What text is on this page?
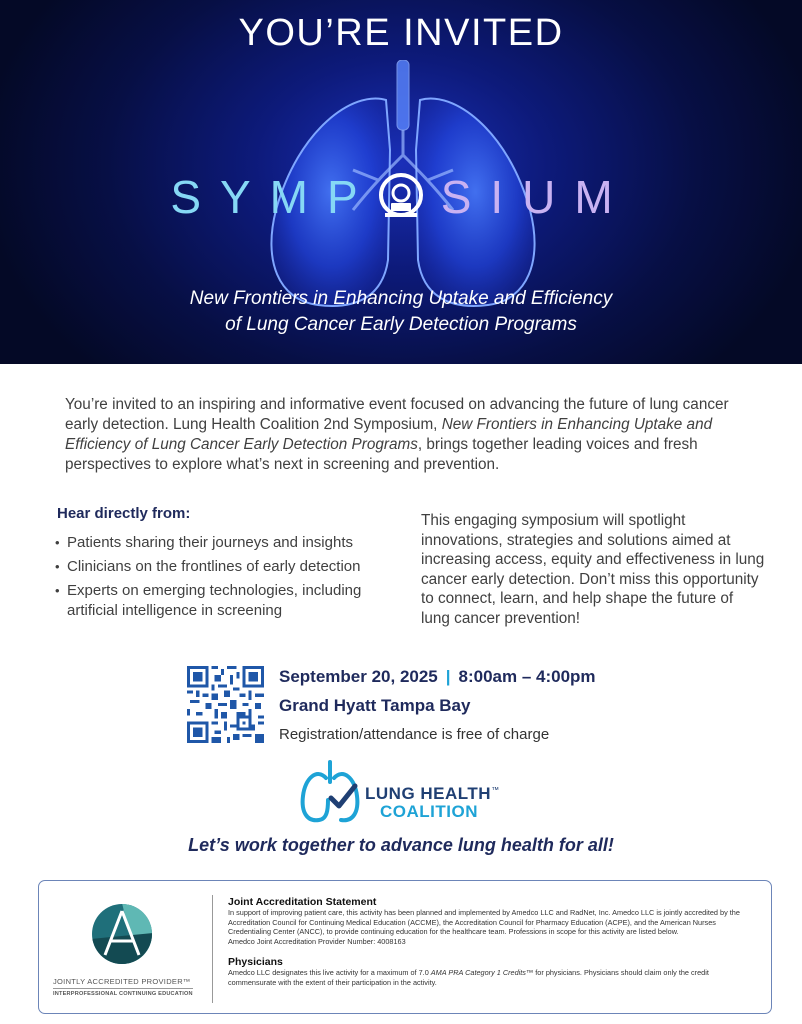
YOU’RE INVITED
SYMP SIUM
New Frontiers in Enhancing Uptake and Efficiency
of Lung Cancer Early Detection Programs
You’re invited to an inspiring and informative event focused on advancing the future of lung cancer early detection. Lung Health Coalition 2nd Symposium, New Frontiers in Enhancing Uptake and Efficiency of Lung Cancer Early Detection Programs, brings together leading voices and fresh perspectives to explore what’s next in screening and prevention.
Hear directly from:
• Patients sharing their journeys and insights
• Clinicians on the frontlines of early detection
• Experts on emerging technologies, including artificial intelligence in screening
This engaging symposium will spotlight innovations, strategies and solutions aimed at increasing access, equity and effectiveness in lung cancer early detection. Don’t miss this opportunity to connect, learn, and help shape the future of lung cancer prevention!
September 20, 2025 | 8:00am – 4:00pm
Grand Hyatt Tampa Bay
Registration/attendance is free of charge
LUNG HEALTH™
COALITION
Let’s work together to advance lung health for all!
JOINTLY ACCREDITED PROVIDER™
INTERPROFESSIONAL CONTINUING EDUCATION
Joint Accreditation Statement

In support of improving patient care, this activity has been planned and implemented by Amedco LLC and RadNet, Inc. Amedco LLC is jointly accredited by the Accreditation Council for Continuing Medical Education (ACCME), the Accreditation Council for Pharmacy Education (ACPE), and the American Nurses Credentialing Center (ANCC), to provide continuing education for the healthcare team. Professions in scope for this activity are listed below.

Amedco Joint Accreditation Provider Number: 4008163

Physicians

Amedco LLC designates this live activity for a maximum of 7.0 AMA PRA Category 1 Credits™ for physicians. Physicians should claim only the credit commensurate with the extent of their participation in the activity.
